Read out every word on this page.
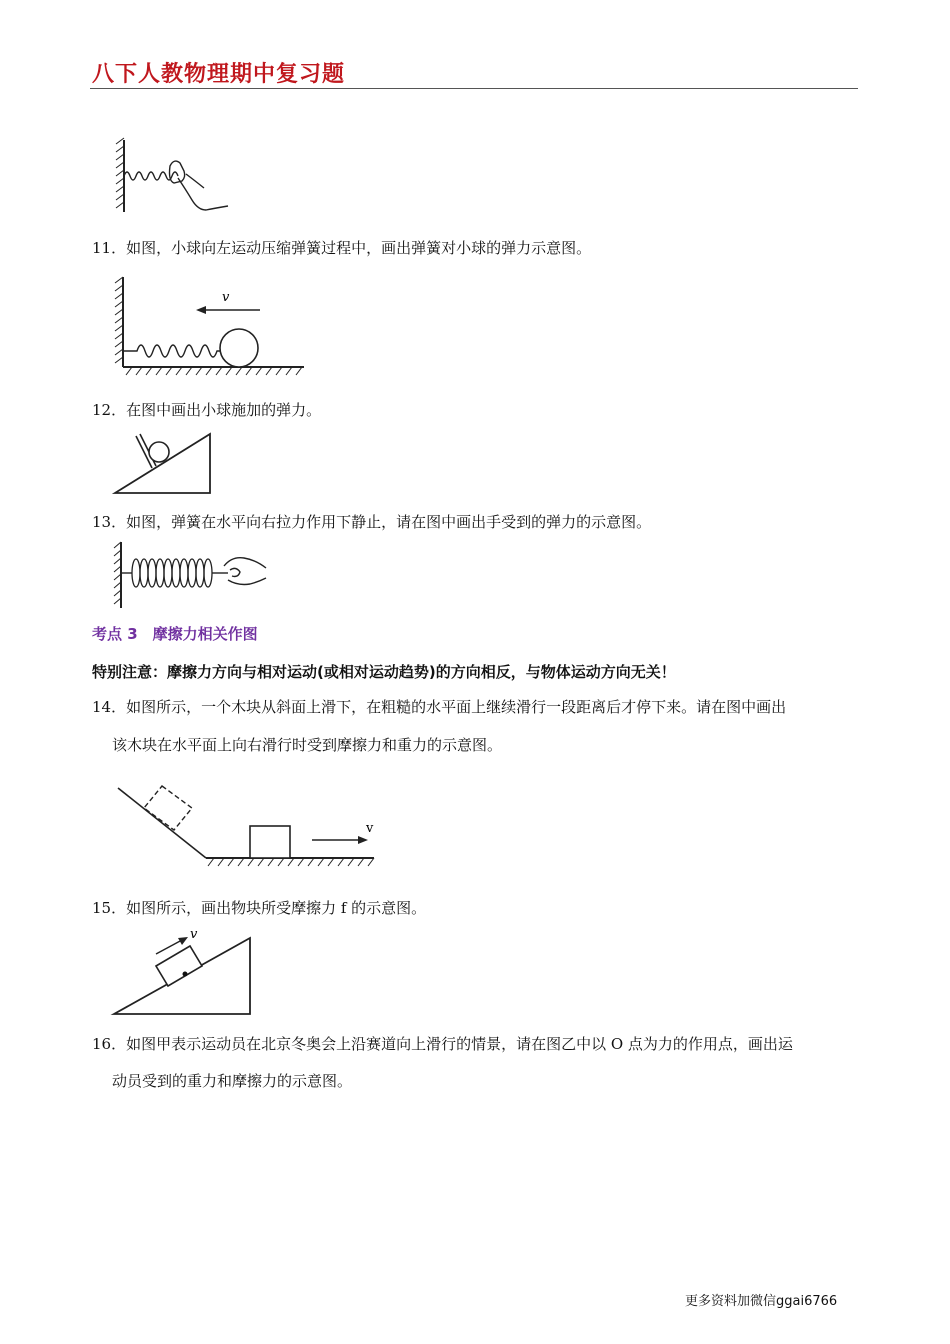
八下人教物理期中复习题
11．如图，小球向左运动压缩弹簧过程中，画出弹簧对小球的弹力示意图。
v
12．在图中画出小球施加的弹力。
13．如图，弹簧在水平向右拉力作用下静止，请在图中画出手受到的弹力的示意图。
考点 3　摩擦力相关作图
特别注意：摩擦力方向与相对运动(或相对运动趋势)的方向相反，与物体运动方向无关！
14．如图所示，一个木块从斜面上滑下，在粗糙的水平面上继续滑行一段距离后才停下来。请在图中画出
该木块在水平面上向右滑行时受到摩擦力和重力的示意图。
v
15．如图所示，画出物块所受摩擦力 f 的示意图。
v
16．如图甲表示运动员在北京冬奥会上沿赛道向上滑行的情景，请在图乙中以 O 点为力的作用点，画出运
动员受到的重力和摩擦力的示意图。
更多资料加微信ggai6766
